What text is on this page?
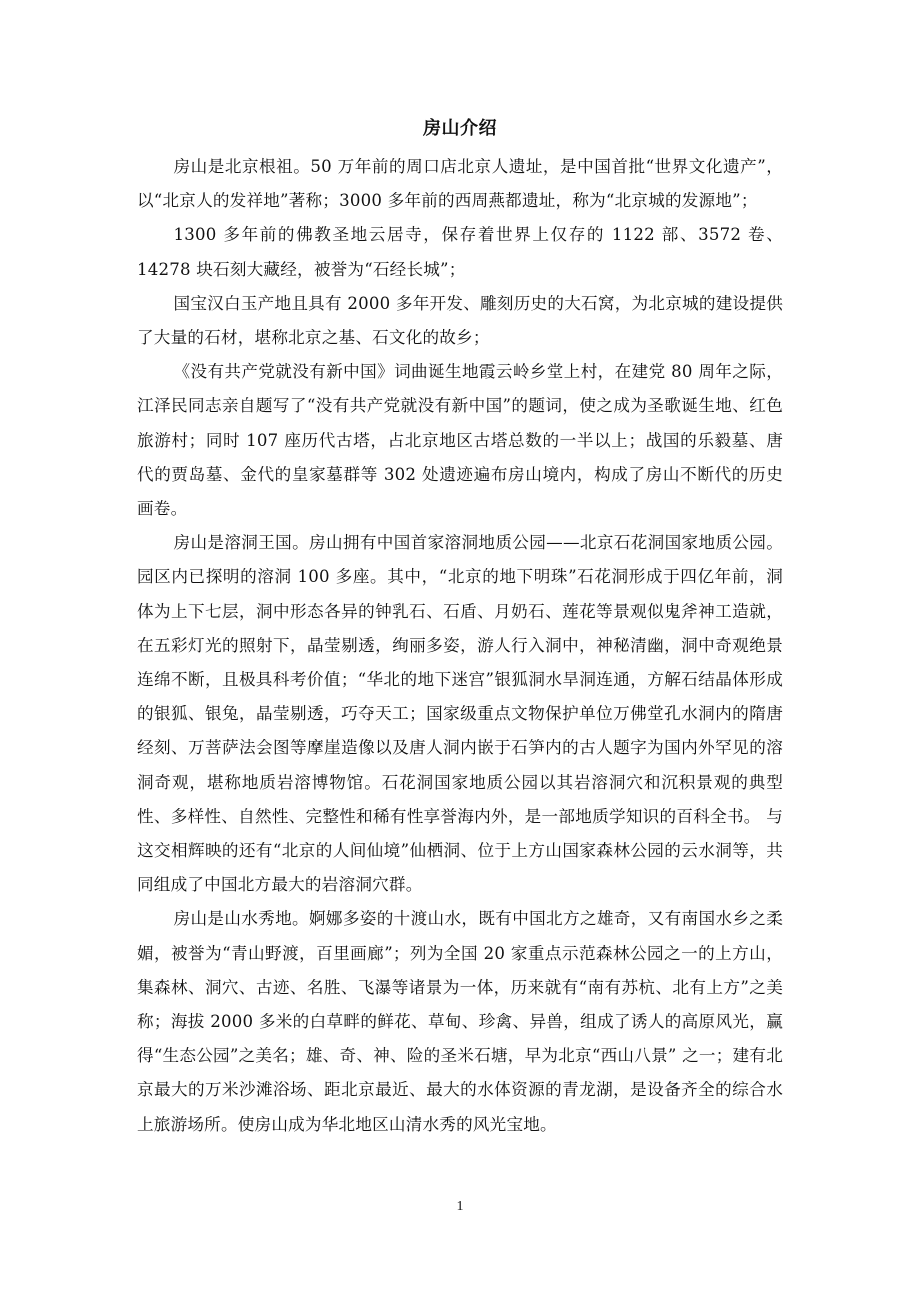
房山介绍

房山是北京根祖。50 万年前的周口店北京人遗址，是中国首批“世界文化遗产”，以“北京人的发祥地”著称；3000 多年前的西周燕都遗址，称为“北京城的发源地”；

1300 多年前的佛教圣地云居寺，保存着世界上仅存的 1122 部、3572 卷、14278 块石刻大藏经，被誉为“石经长城”；

国宝汉白玉产地且具有 2000 多年开发、雕刻历史的大石窝，为北京城的建设提供了大量的石材，堪称北京之基、石文化的故乡；

《没有共产党就没有新中国》词曲诞生地霞云岭乡堂上村，在建党 80 周年之际，江泽民同志亲自题写了“没有共产党就没有新中国”的题词，使之成为圣歌诞生地、红色旅游村；同时 107 座历代古塔，占北京地区古塔总数的一半以上；战国的乐毅墓、唐代的贾岛墓、金代的皇家墓群等 302 处遗迹遍布房山境内，构成了房山不断代的历史画卷。

房山是溶洞王国。房山拥有中国首家溶洞地质公园——北京石花洞国家地质公园。园区内已探明的溶洞 100 多座。其中，“北京的地下明珠”石花洞形成于四亿年前，洞体为上下七层，洞中形态各异的钟乳石、石盾、月奶石、莲花等景观似鬼斧神工造就，在五彩灯光的照射下，晶莹剔透，绚丽多姿，游人行入洞中，神秘清幽，洞中奇观绝景连绵不断，且极具科考价值；“华北的地下迷宫”银狐洞水旱洞连通，方解石结晶体形成的银狐、银兔，晶莹剔透，巧夺天工；国家级重点文物保护单位万佛堂孔水洞内的隋唐经刻、万菩萨法会图等摩崖造像以及唐人洞内嵌于石笋内的古人题字为国内外罕见的溶洞奇观，堪称地质岩溶博物馆。石花洞国家地质公园以其岩溶洞穴和沉积景观的典型性、多样性、自然性、完整性和稀有性享誉海内外，是一部地质学知识的百科全书。 与这交相辉映的还有“北京的人间仙境”仙栖洞、位于上方山国家森林公园的云水洞等，共同组成了中国北方最大的岩溶洞穴群。

房山是山水秀地。婀娜多姿的十渡山水，既有中国北方之雄奇，又有南国水乡之柔媚，被誉为“青山野渡，百里画廊”；列为全国 20 家重点示范森林公园之一的上方山，集森林、洞穴、古迹、名胜、飞瀑等诸景为一体，历来就有“南有苏杭、北有上方”之美称；海拔 2000 多米的白草畔的鲜花、草甸、珍禽、异兽，组成了诱人的高原风光，赢得“生态公园”之美名；雄、奇、神、险的圣米石塘，早为北京“西山八景” 之一；建有北京最大的万米沙滩浴场、距北京最近、最大的水体资源的青龙湖，是设备齐全的综合水上旅游场所。使房山成为华北地区山清水秀的风光宝地。

1
